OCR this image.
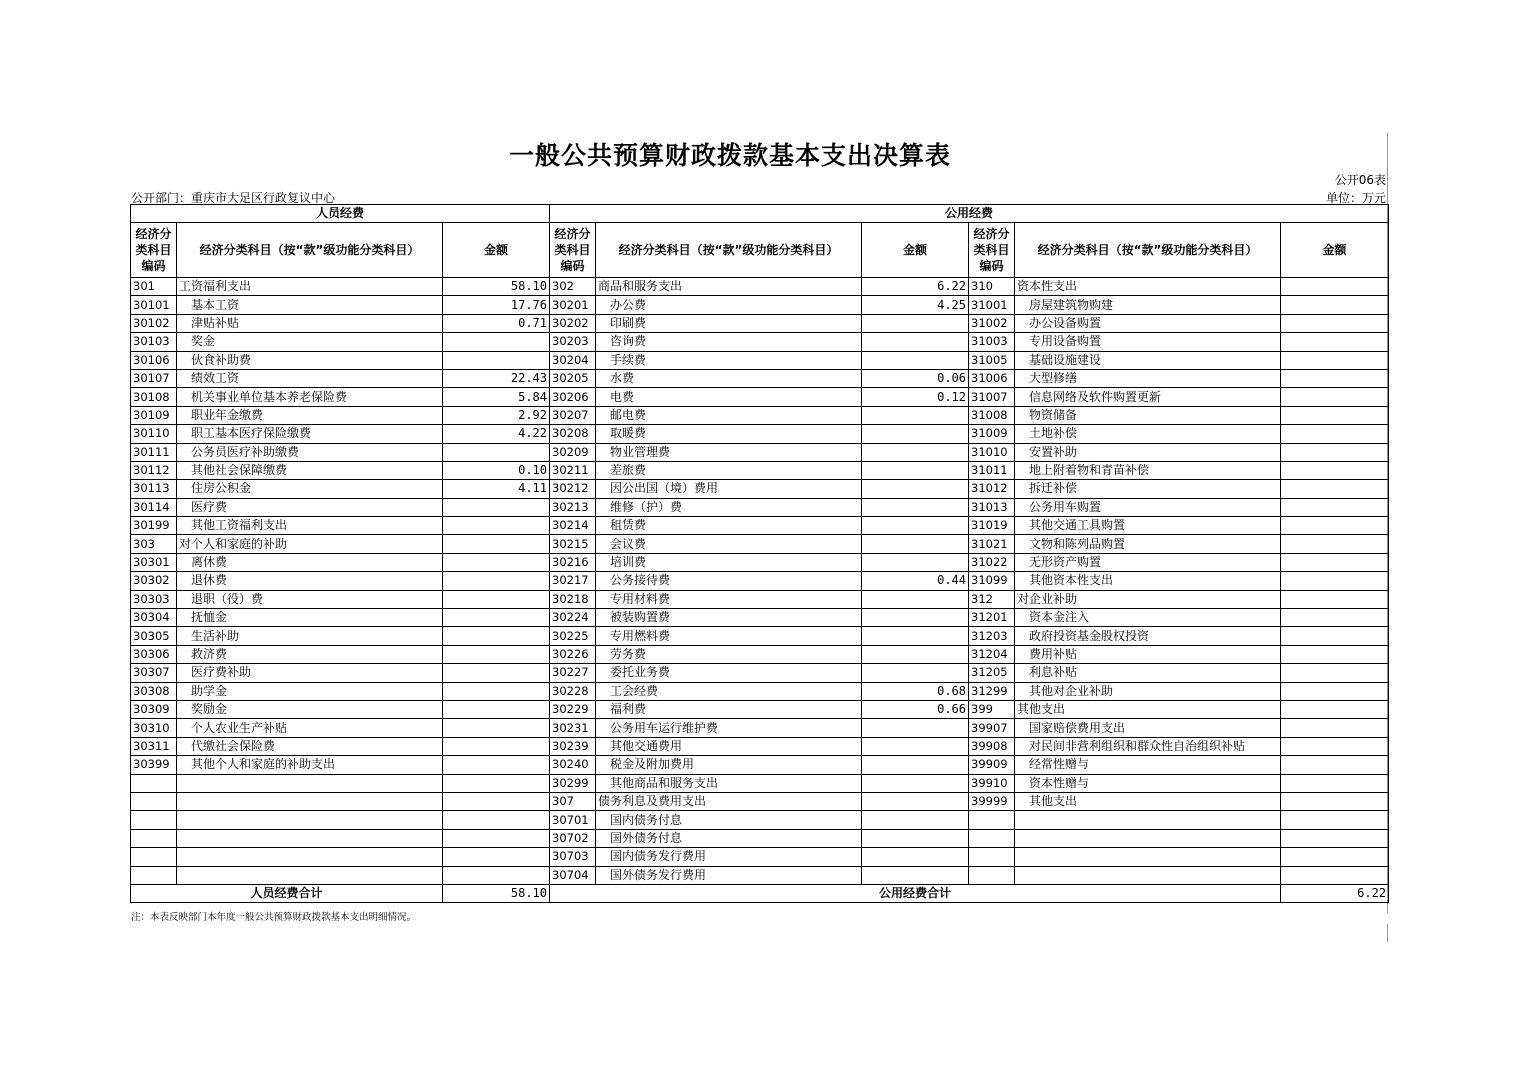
一般公共预算财政拨款基本支出决算表
公开06表
公开部门：重庆市大足区行政复议中心	单位：万元
人员经费			公用经费					
经济分类科目编码	经济分类科目（按“款”级功能分类科目）	金额	经济分类科目编码	经济分类科目（按“款”级功能分类科目）	金额	经济分类科目编码	经济分类科目（按“款”级功能分类科目）	金额
301	工资福利支出	58.10	302	商品和服务支出	6.22	310	资本性支出	
30101	基本工资	17.76	30201	办公费	4.25	31001	房屋建筑物购建	
30102	津贴补贴	0.71	30202	印刷费		31002	办公设备购置	
30103	奖金		30203	咨询费		31003	专用设备购置	
30106	伙食补助费		30204	手续费		31005	基础设施建设	
30107	绩效工资	22.43	30205	水费	0.06	31006	大型修缮	
30108	机关事业单位基本养老保险费	5.84	30206	电费	0.12	31007	信息网络及软件购置更新	
30109	职业年金缴费	2.92	30207	邮电费		31008	物资储备	
30110	职工基本医疗保险缴费	4.22	30208	取暖费		31009	土地补偿	
30111	公务员医疗补助缴费		30209	物业管理费		31010	安置补助	
30112	其他社会保障缴费	0.10	30211	差旅费		31011	地上附着物和青苗补偿	
30113	住房公积金	4.11	30212	因公出国（境）费用		31012	拆迁补偿	
30114	医疗费		30213	维修（护）费		31013	公务用车购置	
30199	其他工资福利支出		30214	租赁费		31019	其他交通工具购置	
303	对个人和家庭的补助		30215	会议费		31021	文物和陈列品购置	
30301	离休费		30216	培训费		31022	无形资产购置	
30302	退休费		30217	公务接待费	0.44	31099	其他资本性支出	
30303	退职（役）费		30218	专用材料费		312	对企业补助	
30304	抚恤金		30224	被装购置费		31201	资本金注入	
30305	生活补助		30225	专用燃料费		31203	政府投资基金股权投资	
30306	救济费		30226	劳务费		31204	费用补贴	
30307	医疗费补助		30227	委托业务费		31205	利息补贴	
30308	助学金		30228	工会经费	0.68	31299	其他对企业补助	
30309	奖励金		30229	福利费	0.66	399	其他支出	
30310	个人农业生产补贴		30231	公务用车运行维护费		39907	国家赔偿费用支出	
30311	代缴社会保险费		30239	其他交通费用		39908	对民间非营利组织和群众性自治组织补贴	
30399	其他个人和家庭的补助支出		30240	税金及附加费用		39909	经常性赠与	
			30299	其他商品和服务支出		39910	资本性赠与	
			307	债务利息及费用支出		39999	其他支出	
			30701	国内债务付息				
			30702	国外债务付息				
			30703	国内债务发行费用				
			30704	国外债务发行费用				
人员经费合计		58.10	公用经费合计					6.22
注：本表反映部门本年度一般公共预算财政拨款基本支出明细情况。
